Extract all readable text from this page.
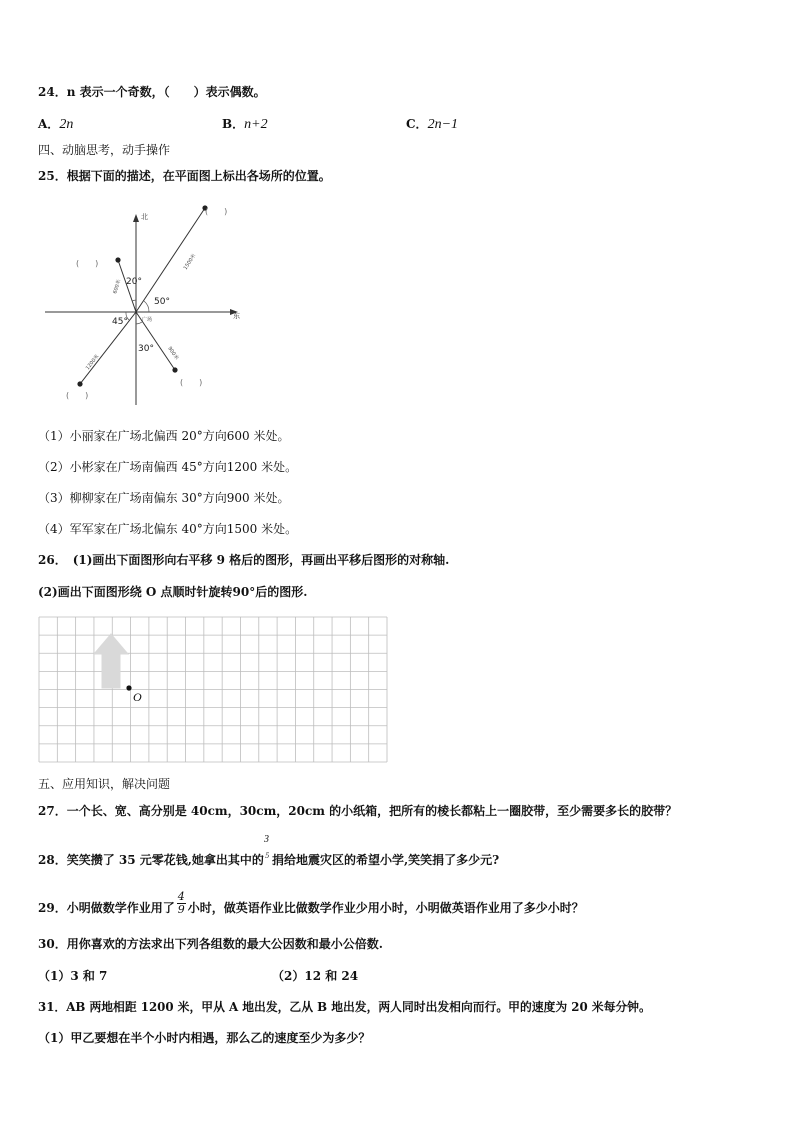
24．n 表示一个奇数，（　　）表示偶数。
A．2n	B．n+2	C．2n−1
四、动脑思考，动手操作
25．根据下面的描述，在平面图上标出各场所的位置。
北
东
20°
50°
45°
30°
广场
600米
1500米
1200米
900米
(　　)
(　　)
(　　)
(　　)
（1）小丽家在广场北偏西 20°方向600 米处。
（2）小彬家在广场南偏西 45°方向1200 米处。
（3）柳柳家在广场南偏东 30°方向900 米处。
（4）军军家在广场北偏东 40°方向1500 米处。
26．　(1)画出下面图形向右平移 9 格后的图形，再画出平移后图形的对称轴.
(2)画出下面图形绕 O 点顺时针旋转90°后的图形.
O
五、应用知识，解决问题
27．一个长、宽、高分别是 40cm，30cm，20cm 的小纸箱，把所有的棱长都粘上一圈胶带，至少需要多长的胶带？
28．笑笑攒了 35 元零花钱,她拿出其中的
3
5 捐给地震灾区的希望小学,笑笑捐了多少元?
29．小明做数学作业用了 $\frac{4}{9}$ 小时，做英语作业比做数学作业少用小时，小明做英语作业用了多少小时？
30．用你喜欢的方法求出下列各组数的最大公因数和最小公倍数.
（1）3 和 7	（2）12 和 24
31．AB 两地相距 1200 米，甲从 A 地出发，乙从 B 地出发，两人同时出发相向而行。甲的速度为 20 米每分钟。
（1）甲乙要想在半个小时内相遇，那么乙的速度至少为多少？
